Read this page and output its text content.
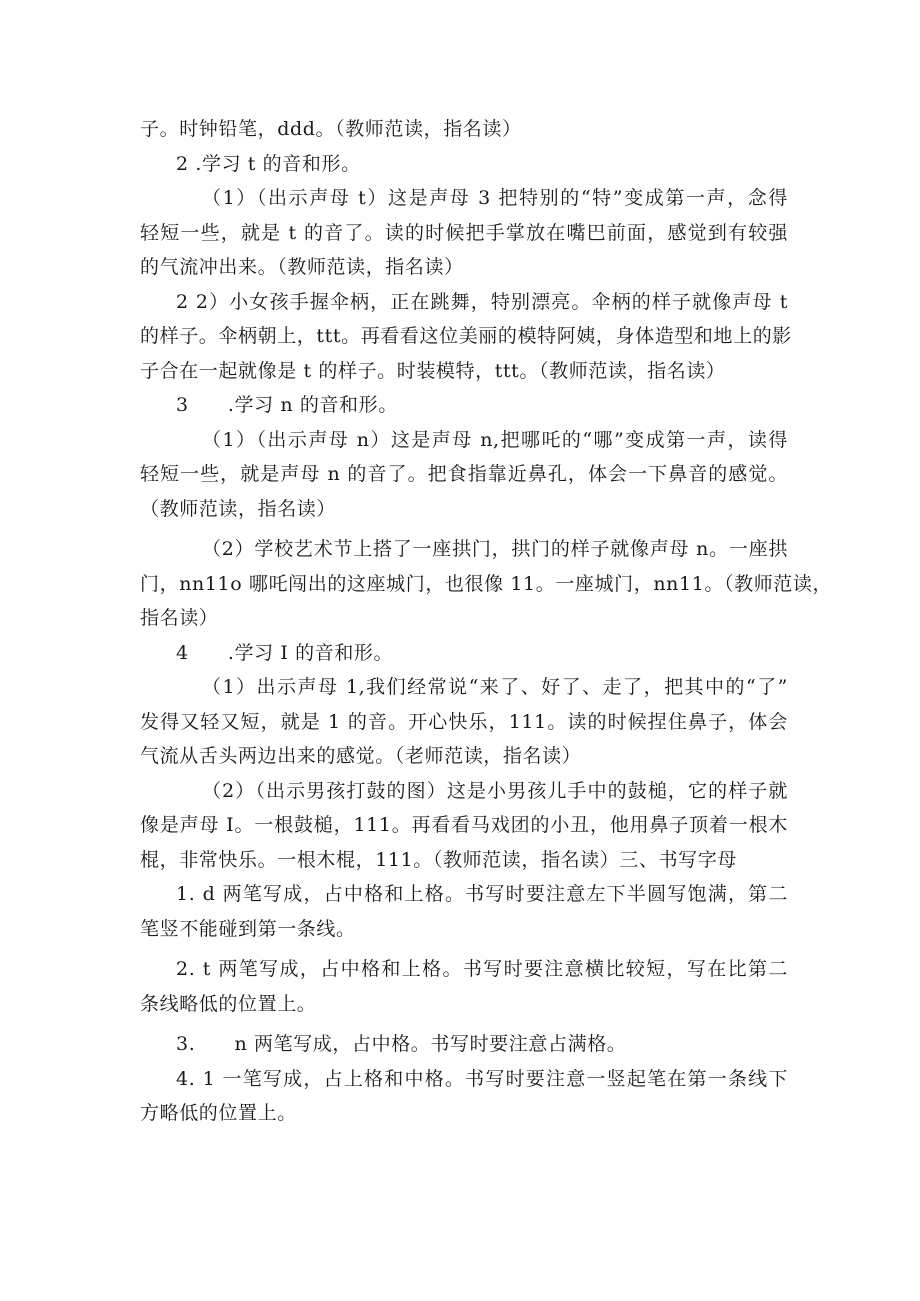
子。时钟铅笔，ddd。（教师范读，指名读）
2 .学习 t 的音和形。
（1）（出示声母 t）这是声母 3 把特别的“特”变成第一声，念得
轻短一些，就是 t 的音了。读的时候把手掌放在嘴巴前面，感觉到有较强
的气流冲出来。（教师范读，指名读）
2 2）小女孩手握伞柄，正在跳舞，特别漂亮。伞柄的样子就像声母 t
的样子。伞柄朝上，ttt。再看看这位美丽的模特阿姨，身体造型和地上的影
子合在一起就像是 t 的样子。时装模特，ttt。（教师范读，指名读）
3　　.学习 n 的音和形。
（1）（出示声母 n）这是声母 n,把哪吒的“哪”变成第一声，读得
轻短一些，就是声母 n 的音了。把食指靠近鼻孔，体会一下鼻音的感觉。
（教师范读，指名读）
（2）学校艺术节上搭了一座拱门，拱门的样子就像声母 n。一座拱
门，nn11o 哪吒闯出的这座城门，也很像 11。一座城门，nn11。（教师范读，
指名读）
4　　.学习 I 的音和形。
（1）出示声母 1,我们经常说“来了、好了、走了，把其中的“了”
发得又轻又短，就是 1 的音。开心快乐，111。读的时候捏住鼻子，体会
气流从舌头两边出来的感觉。（老师范读，指名读）
（2）（出示男孩打鼓的图）这是小男孩儿手中的鼓槌，它的样子就
像是声母 I。一根鼓槌，111。再看看马戏团的小丑，他用鼻子顶着一根木
棍，非常快乐。一根木棍，111。（教师范读，指名读）三、书写字母
1. d 两笔写成，占中格和上格。书写时要注意左下半圆写饱满，第二
笔竖不能碰到第一条线。
2. t 两笔写成，占中格和上格。书写时要注意横比较短，写在比第二
条线略低的位置上。
3.　　n 两笔写成，占中格。书写时要注意占满格。
4. 1 一笔写成，占上格和中格。书写时要注意一竖起笔在第一条线下
方略低的位置上。
